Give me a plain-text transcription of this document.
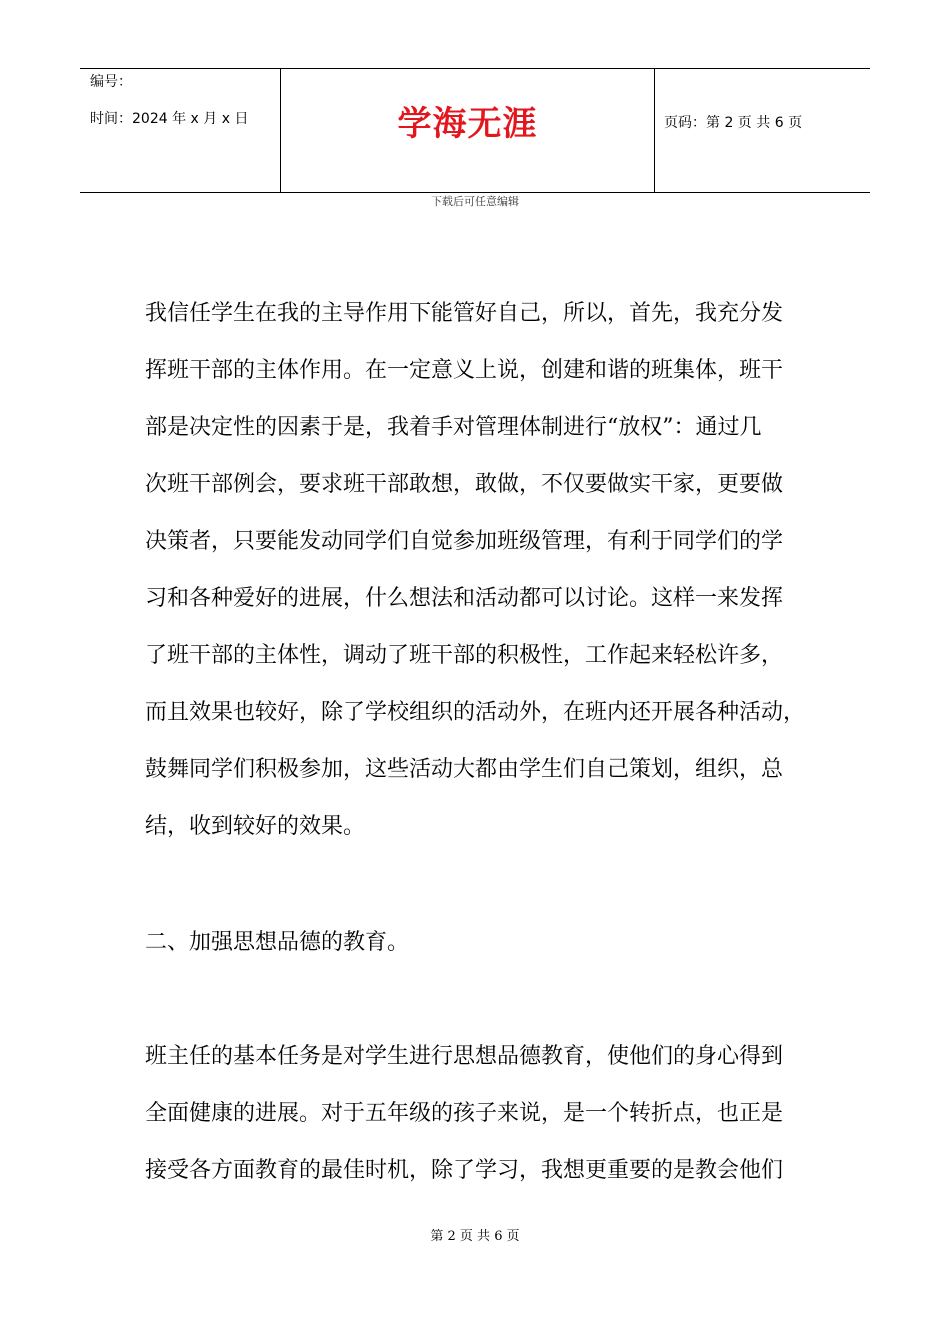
编号：
时间：2024 年 x 月 x 日	学海无涯	页码：第 2 页 共 6 页
下载后可任意编辑
我信任学生在我的主导作用下能管好自己，所以，首先，我充分发
挥班干部的主体作用。在一定意义上说，创建和谐的班集体，班干
部是决定性的因素于是，我着手对管理体制进行“放权”：通过几
次班干部例会，要求班干部敢想，敢做，不仅要做实干家，更要做
决策者，只要能发动同学们自觉参加班级管理，有利于同学们的学
习和各种爱好的进展，什么想法和活动都可以讨论。这样一来发挥
了班干部的主体性，调动了班干部的积极性，工作起来轻松许多，
而且效果也较好，除了学校组织的活动外，在班内还开展各种活动，
鼓舞同学们积极参加，这些活动大都由学生们自己策划，组织，总
结，收到较好的效果。
二、加强思想品德的教育。
班主任的基本任务是对学生进行思想品德教育，使他们的身心得到
全面健康的进展。对于五年级的孩子来说，是一个转折点，也正是
接受各方面教育的最佳时机，除了学习，我想更重要的是教会他们
第 2 页 共 6 页
